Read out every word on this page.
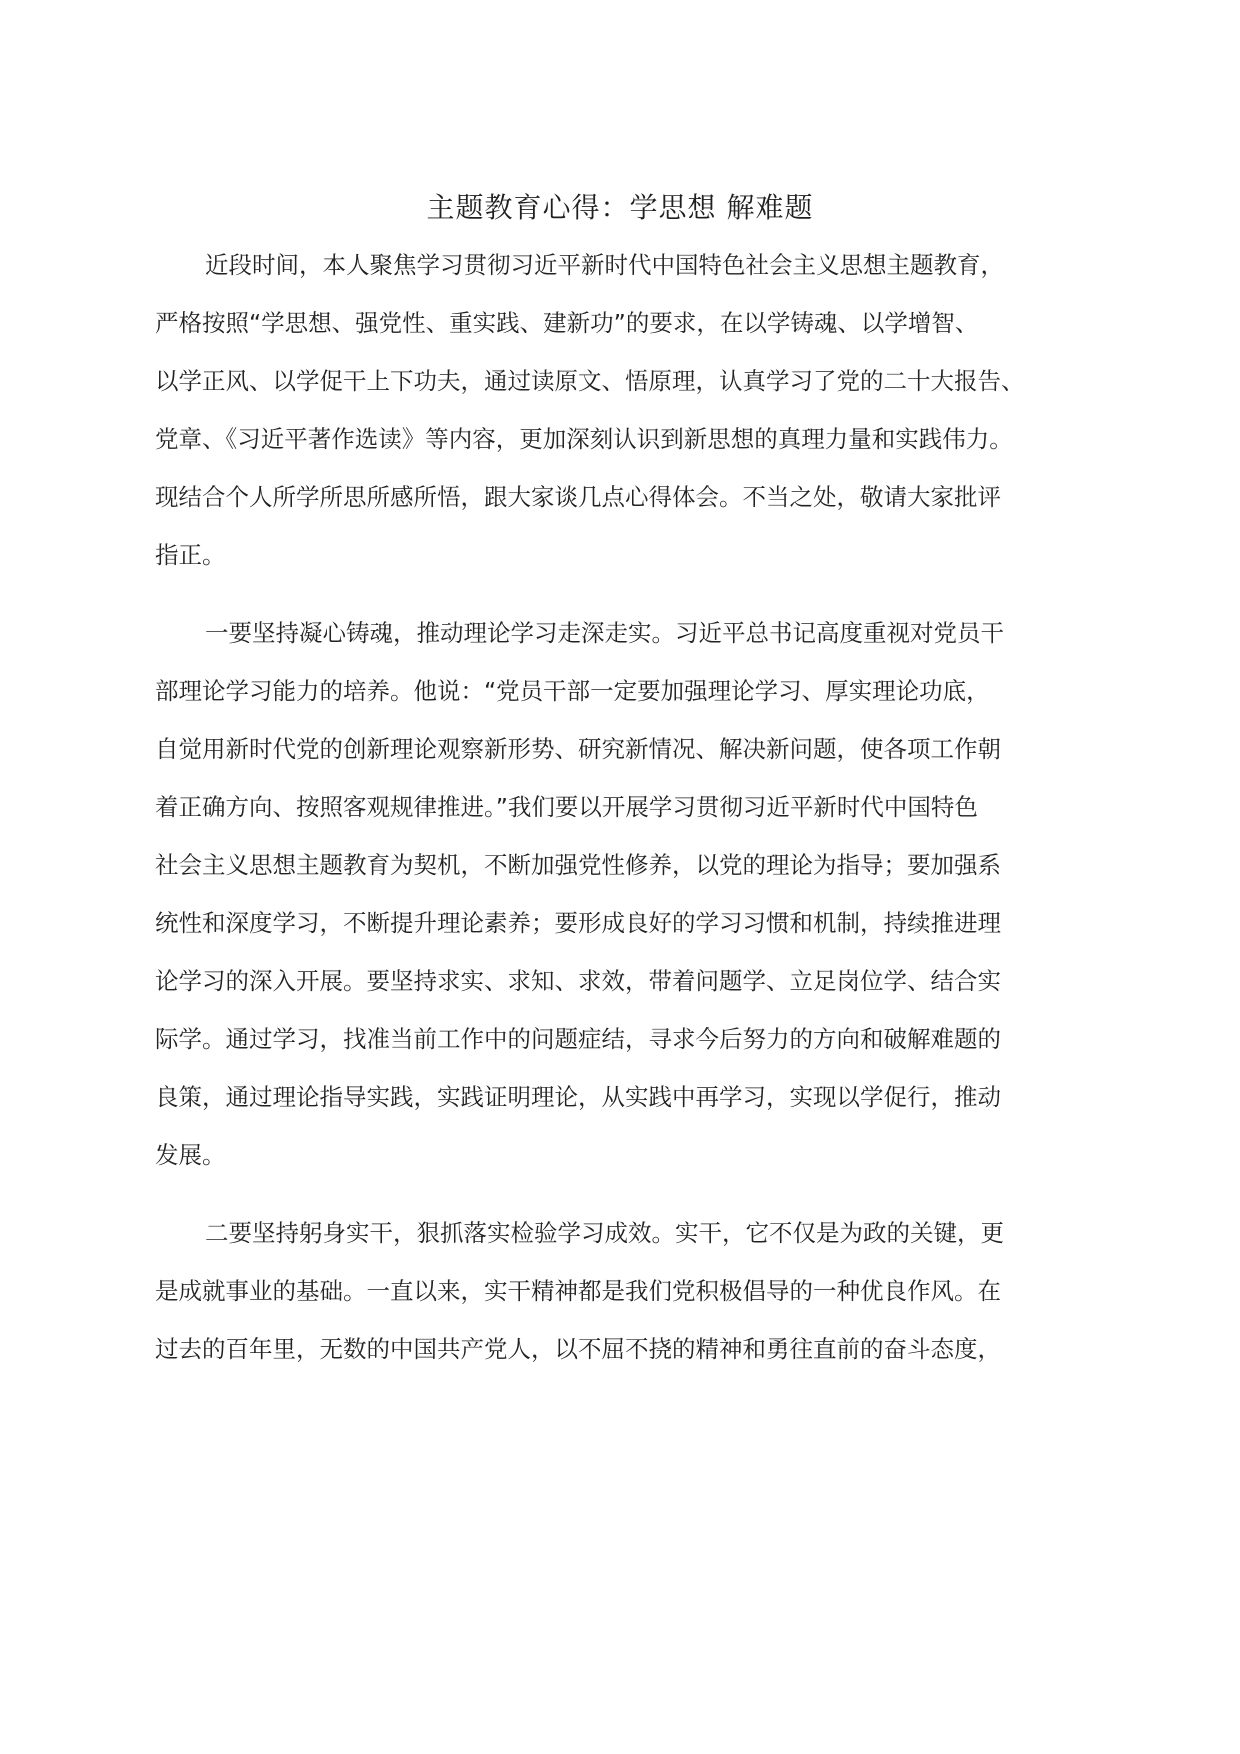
主题教育心得：学思想 解难题
近段时间，本人聚焦学习贯彻习近平新时代中国特色社会主义思想主题教育，
严格按照“学思想、强党性、重实践、建新功”的要求，在以学铸魂、以学增智、
以学正风、以学促干上下功夫，通过读原文、悟原理，认真学习了党的二十大报告、
党章、《习近平著作选读》等内容，更加深刻认识到新思想的真理力量和实践伟力。
现结合个人所学所思所感所悟，跟大家谈几点心得体会。不当之处，敬请大家批评
指正。
一要坚持凝心铸魂，推动理论学习走深走实。习近平总书记高度重视对党员干
部理论学习能力的培养。他说：“党员干部一定要加强理论学习、厚实理论功底，
自觉用新时代党的创新理论观察新形势、研究新情况、解决新问题，使各项工作朝
着正确方向、按照客观规律推进。”我们要以开展学习贯彻习近平新时代中国特色
社会主义思想主题教育为契机，不断加强党性修养，以党的理论为指导；要加强系
统性和深度学习，不断提升理论素养；要形成良好的学习习惯和机制，持续推进理
论学习的深入开展。要坚持求实、求知、求效，带着问题学、立足岗位学、结合实
际学。通过学习，找准当前工作中的问题症结，寻求今后努力的方向和破解难题的
良策，通过理论指导实践，实践证明理论，从实践中再学习，实现以学促行，推动
发展。
二要坚持躬身实干，狠抓落实检验学习成效。实干，它不仅是为政的关键，更
是成就事业的基础。一直以来，实干精神都是我们党积极倡导的一种优良作风。在
过去的百年里，无数的中国共产党人，以不屈不挠的精神和勇往直前的奋斗态度，
